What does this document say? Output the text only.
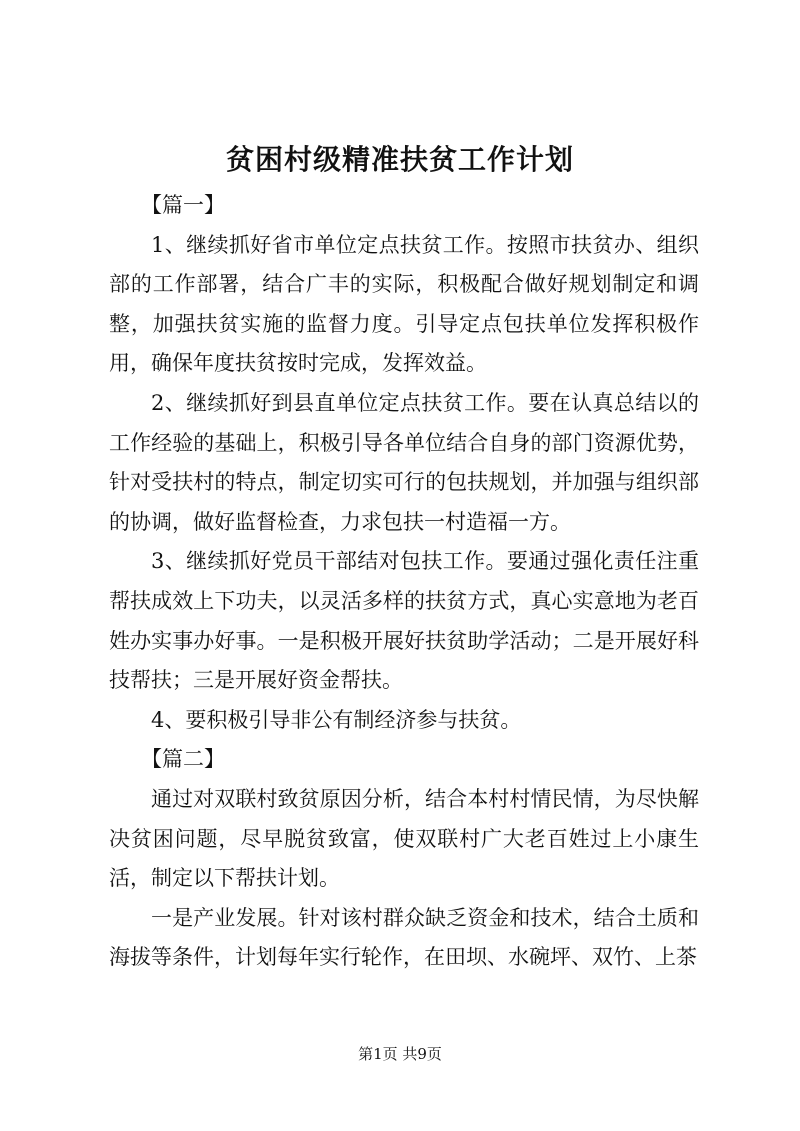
贫困村级精准扶贫工作计划

【篇一】

1、继续抓好省市单位定点扶贫工作。按照市扶贫办、组织部的工作部署，结合广丰的实际，积极配合做好规划制定和调整，加强扶贫实施的监督力度。引导定点包扶单位发挥积极作用，确保年度扶贫按时完成，发挥效益。

2、继续抓好到县直单位定点扶贫工作。要在认真总结以的工作经验的基础上，积极引导各单位结合自身的部门资源优势，针对受扶村的特点，制定切实可行的包扶规划，并加强与组织部的协调，做好监督检查，力求包扶一村造福一方。

3、继续抓好党员干部结对包扶工作。要通过强化责任注重帮扶成效上下功夫，以灵活多样的扶贫方式，真心实意地为老百姓办实事办好事。一是积极开展好扶贫助学活动；二是开展好科技帮扶；三是开展好资金帮扶。

4、要积极引导非公有制经济参与扶贫。

【篇二】

通过对双联村致贫原因分析，结合本村村情民情，为尽快解决贫困问题，尽早脱贫致富，使双联村广大老百姓过上小康生活，制定以下帮扶计划。

一是产业发展。针对该村群众缺乏资金和技术，结合土质和海拔等条件，计划每年实行轮作，在田坝、水碗坪、双竹、上茶

第1页 共9页
